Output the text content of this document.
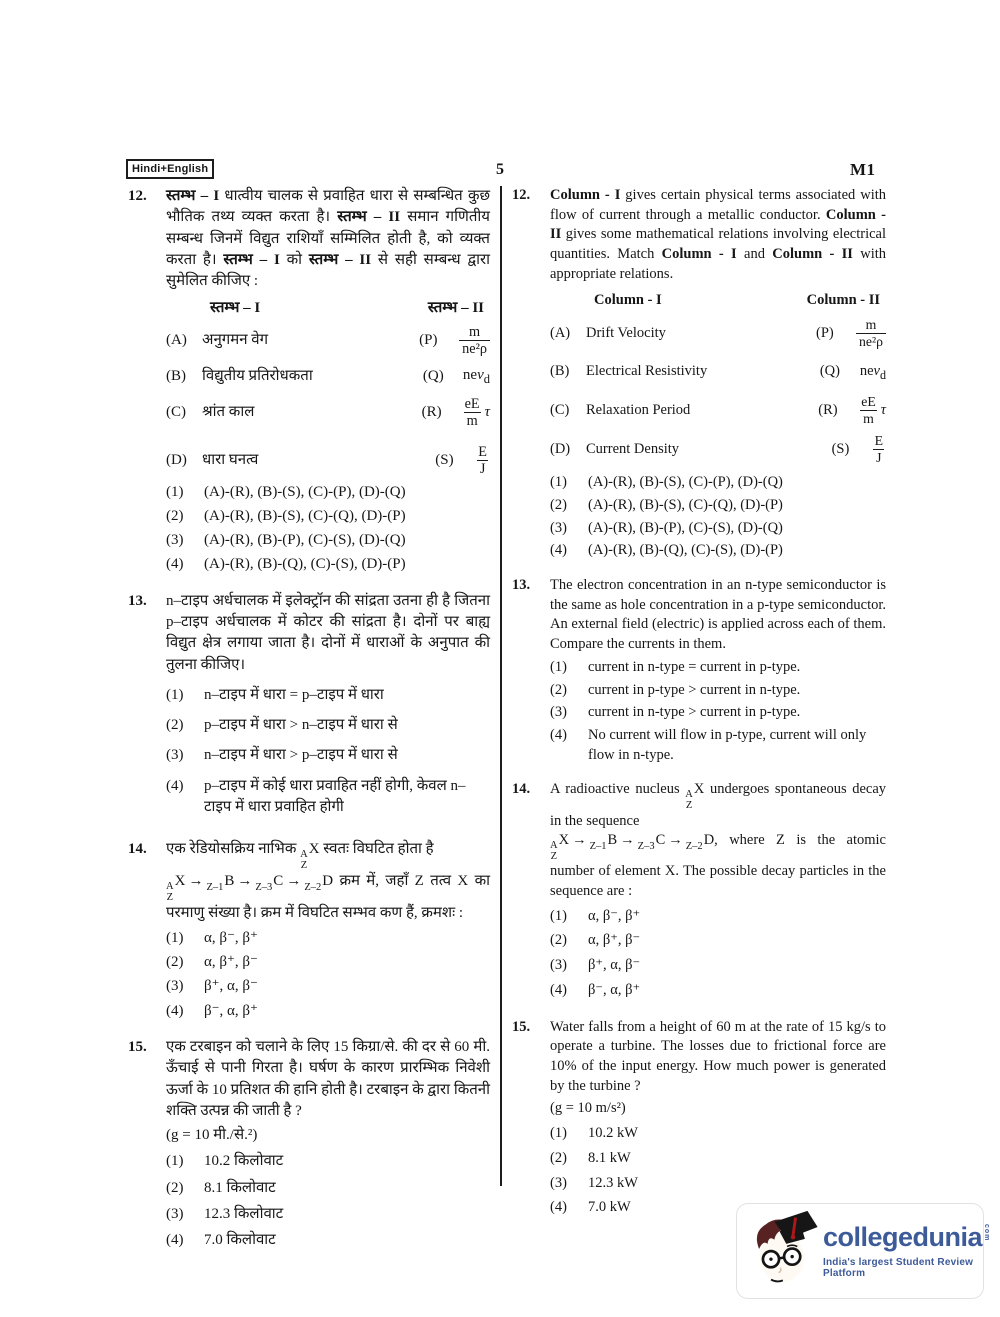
Hindi+English	5	M1
12.	स्तम्भ – I धात्वीय चालक से प्रवाहित धारा से सम्बन्धित कुछ भौतिक तथ्य व्यक्त करता है। स्तम्भ – II समान गणितीय सम्बन्ध जिनमें विद्युत राशियाँ सम्मिलित होती है, को व्यक्त करता है। स्तम्भ – I को स्तम्भ – II से सही सम्बन्ध द्वारा सुमेलित कीजिए :

स्तम्भ – I	स्तम्भ – II
(A)	अनुगमन वेग	(P)	$\frac{m}{\text{ne²ρ}}$
(B)	विद्युतीय प्रतिरोधकता	(Q)	nev$_d$
(C)	श्रांत काल	(R)	$\frac{eE}{m}$ τ
(D)	धारा घनत्व	(S)	$\frac{E}{J}$
(1)	(A)-(R), (B)-(S), (C)-(P), (D)-(Q)
(2)	(A)-(R), (B)-(S), (C)-(Q), (D)-(P)
(3)	(A)-(R), (B)-(P), (C)-(S), (D)-(Q)
(4)	(A)-(R), (B)-(Q), (C)-(S), (D)-(P)
13.	n–टाइप अर्धचालक में इलेक्ट्रॉन की सांद्रता उतना ही है जितना p–टाइप अर्धचालक में कोटर की सांद्रता है। दोनों पर बाह्य विद्युत क्षेत्र लगाया जाता है। दोनों में धाराओं के अनुपात की तुलना कीजिए।

(1)	n–टाइप में धारा = p–टाइप में धारा
(2)	p–टाइप में धारा > n–टाइप में धारा से
(3)	n–टाइप में धारा > p–टाइप में धारा से
(4)	p–टाइप में कोई धारा प्रवाहित नहीं होगी, केवल n–टाइप में धारा प्रवाहित होगी
14.	एक रेडियोसक्रिय नाभिक A
Z
X स्वतः विघटित होता है

A
Z
X → $_{Z-1}$B → $_{Z-3}$C → $_{Z-2}$D क्रम में, जहाँ Z तत्व X का परमाणु संख्या है। क्रम में विघटित सम्भव कण हैं, क्रमशः :

(1)	α, β⁻, β⁺
(2)	α, β⁺, β⁻
(3)	β⁺, α, β⁻
(4)	β⁻, α, β⁺
15.	एक टरबाइन को चलाने के लिए 15 किग्रा/से. की दर से 60 मी. ऊँचाई से पानी गिरता है। घर्षण के कारण प्रारम्भिक निवेशी ऊर्जा के 10 प्रतिशत की हानि होती है। टरबाइन के द्वारा कितनी शक्ति उत्पन्न की जाती है ?

(g = 10 मी./से.²)

(1)	10.2 किलोवाट
(2)	8.1 किलोवाट
(3)	12.3 किलोवाट
(4)	7.0 किलोवाट
12.	Column - I gives certain physical terms associated with flow of current through a metallic conductor. Column - II gives some mathematical relations involving electrical quantities. Match Column - I and Column - II with appropriate relations.

Column - I	Column - II
(A)	Drift Velocity	(P)	$\frac{m}{\text{ne²ρ}}$
(B)	Electrical Resistivity	(Q)	nev$_d$
(C)	Relaxation Period	(R)	$\frac{eE}{m}$ τ
(D)	Current Density	(S)	$\frac{E}{J}$
(1)	(A)-(R), (B)-(S), (C)-(P), (D)-(Q)
(2)	(A)-(R), (B)-(S), (C)-(Q), (D)-(P)
(3)	(A)-(R), (B)-(P), (C)-(S), (D)-(Q)
(4)	(A)-(R), (B)-(Q), (C)-(S), (D)-(P)
13.	The electron concentration in an n-type semiconductor is the same as hole concentration in a p-type semiconductor. An external field (electric) is applied across each of them. Compare the currents in them.

(1)	current in n-type = current in p-type.
(2)	current in p-type > current in n-type.
(3)	current in n-type > current in p-type.
(4)	No current will flow in p-type, current will only flow in n-type.
14.	A radioactive nucleus A
Z
X undergoes spontaneous decay in the sequence

A
Z
X → $_{Z-1}$B → $_{Z-3}$C → $_{Z-2}$D, where Z is the atomic number of element X. The possible decay particles in the sequence are :

(1)	α, β⁻, β⁺
(2)	α, β⁺, β⁻
(3)	β⁺, α, β⁻
(4)	β⁻, α, β⁺
15.	Water falls from a height of 60 m at the rate of 15 kg/s to operate a turbine. The losses due to frictional force are 10% of the input energy. How much power is generated by the turbine ?

(g = 10 m/s²)

(1)	10.2 kW
(2)	8.1 kW
(3)	12.3 kW
(4)	7.0 kW
collegedunia com
India's largest Student Review Platform
